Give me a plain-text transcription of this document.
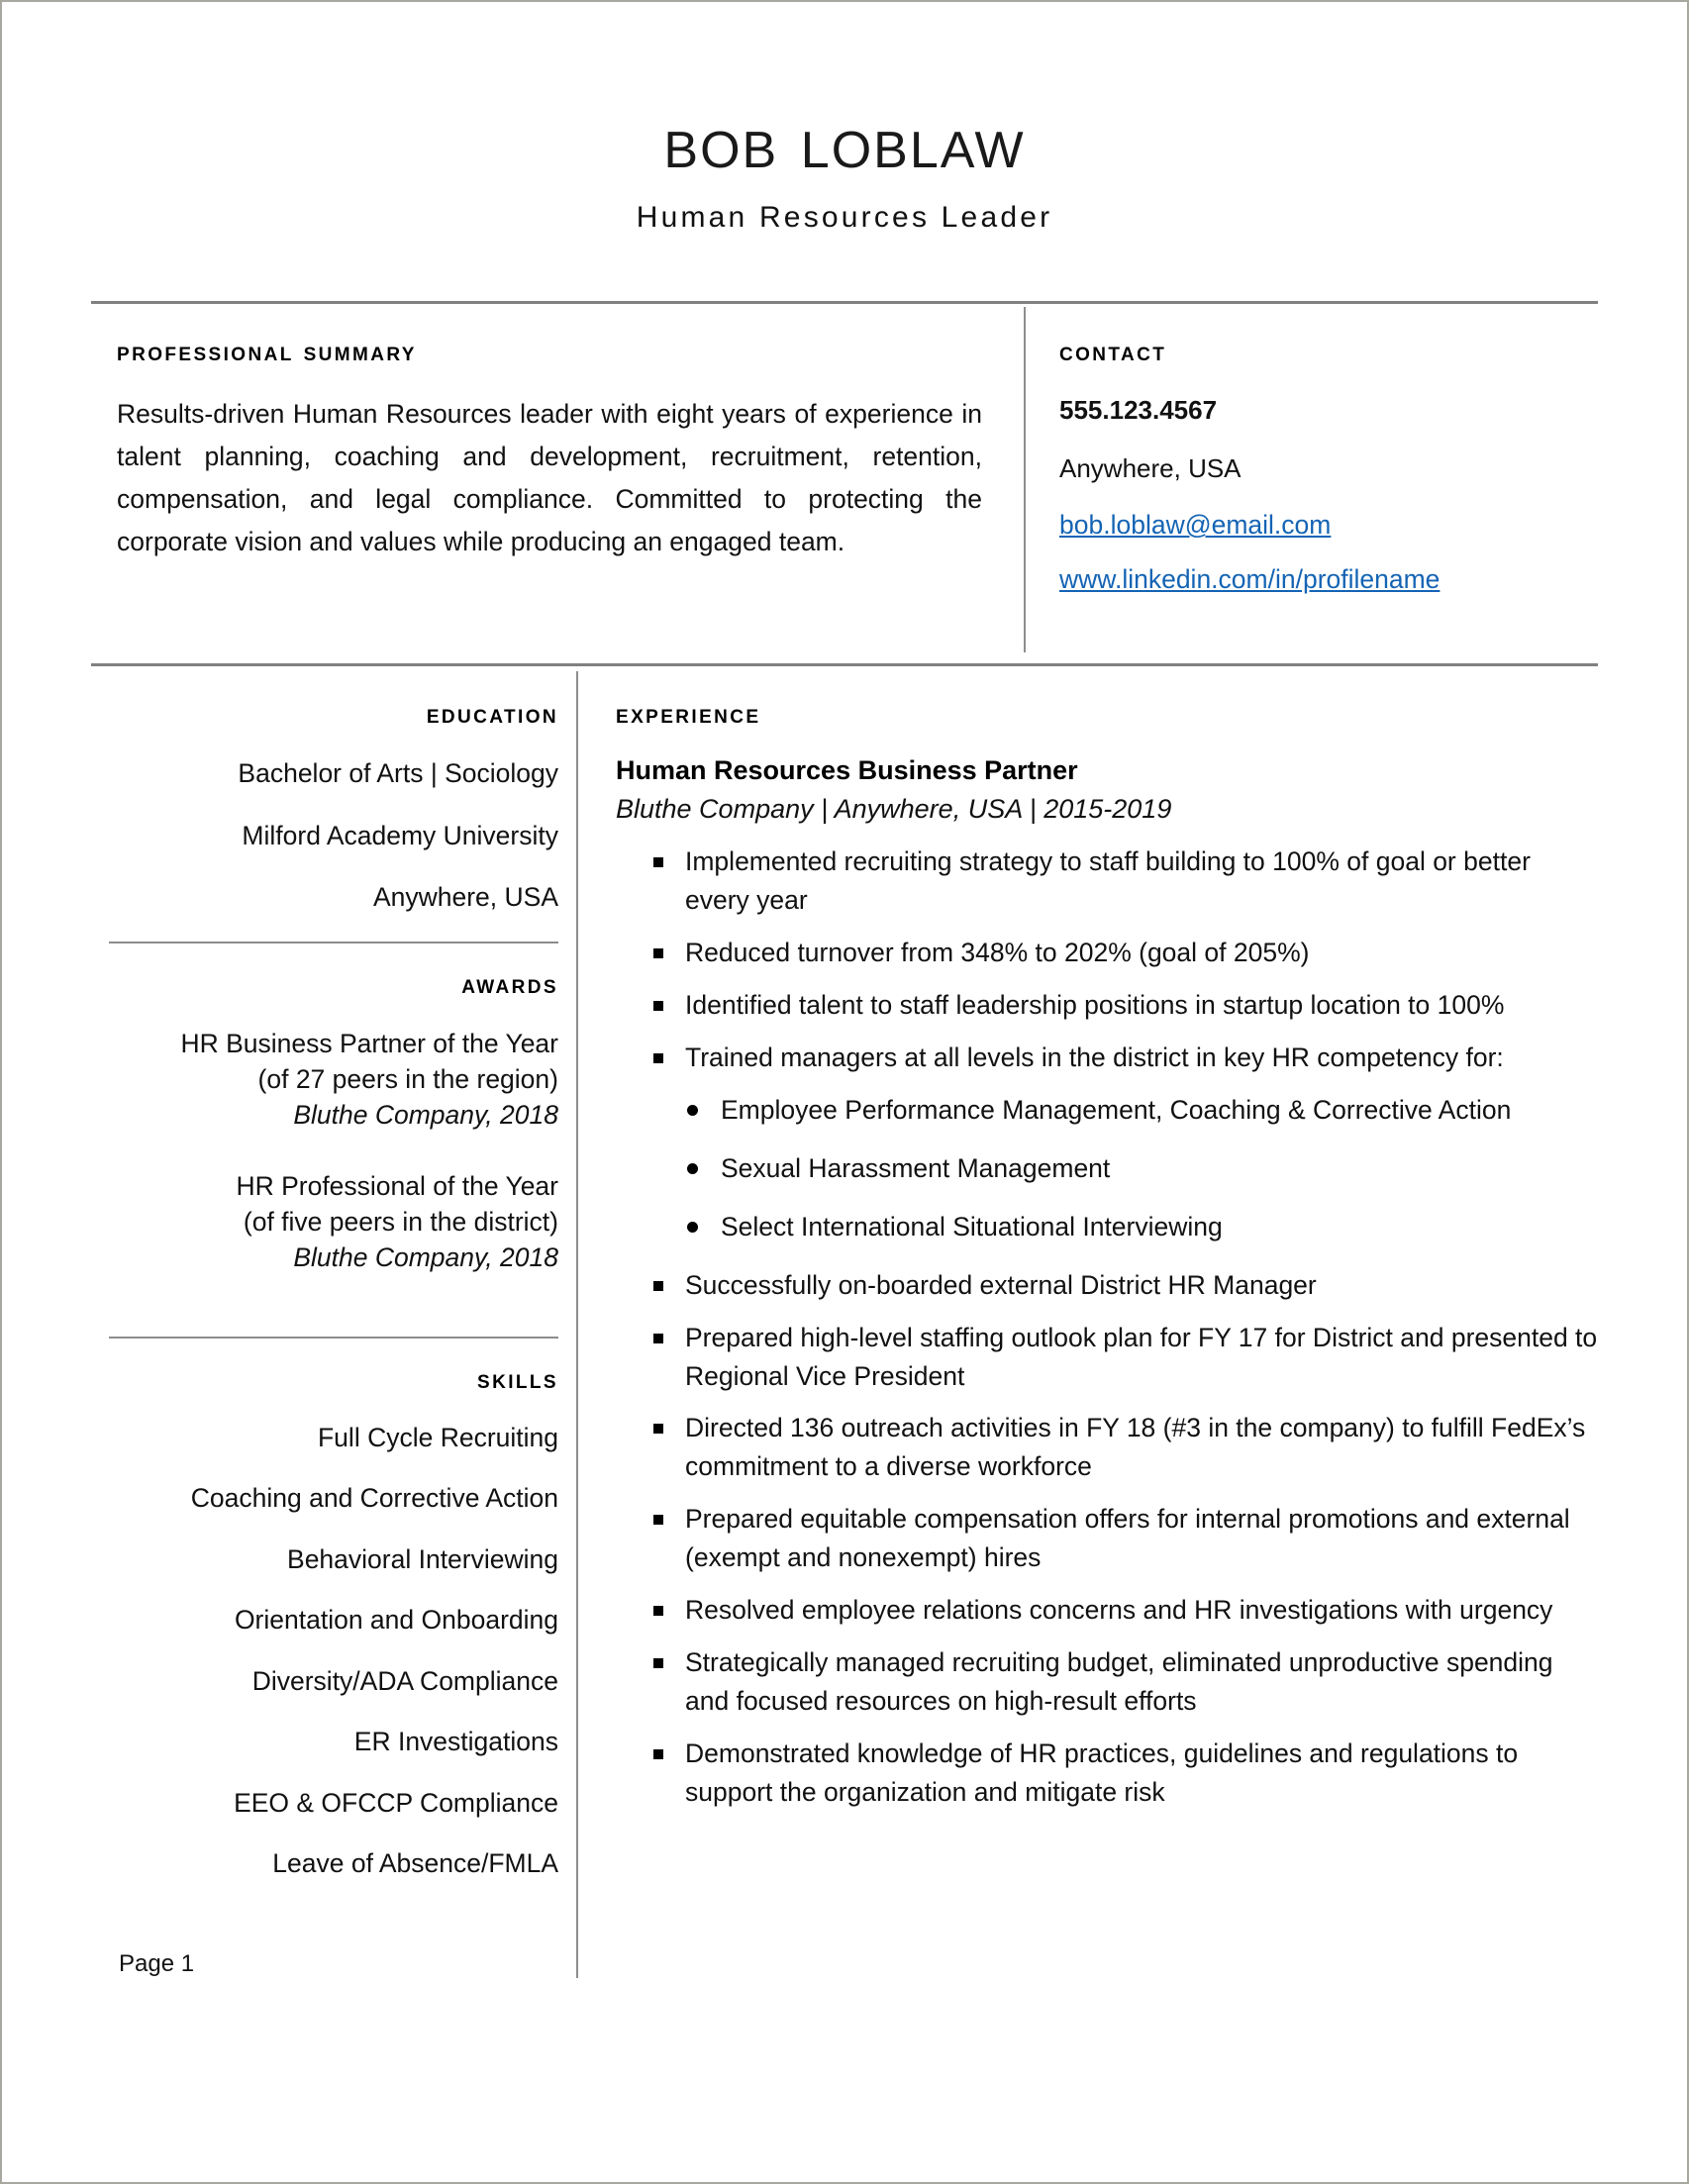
bob loblaw
Human Resources Leader
professional summary
Results-driven Human Resources leader with eight years of experience in talent planning, coaching and development, recruitment, retention, compensation, and legal compliance. Committed to protecting the corporate vision and values while producing an engaged team.
contact
555.123.4567
Anywhere, USA
bob.loblaw@email.com
www.linkedin.com/in/profilename
education
Bachelor of Arts | Sociology
Milford Academy University
Anywhere, USA
awards
HR Business Partner of the Year
(of 27 peers in the region)
Bluthe Company, 2018
HR Professional of the Year
(of five peers in the district)
Bluthe Company, 2018
skills
Full Cycle Recruiting
Coaching and Corrective Action
Behavioral Interviewing
Orientation and Onboarding
Diversity/ADA Compliance
ER Investigations
EEO & OFCCP Compliance
Leave of Absence/FMLA
Page 1
experience
Human Resources Business Partner
Bluthe Company | Anywhere, USA | 2015-2019
Implemented recruiting strategy to staff building to 100% of goal or better every year
Reduced turnover from 348% to 202% (goal of 205%)
Identified talent to staff leadership positions in startup location to 100%
Trained managers at all levels in the district in key HR competency for:
Employee Performance Management, Coaching & Corrective Action
Sexual Harassment Management
Select International Situational Interviewing
Successfully on-boarded external District HR Manager
Prepared high-level staffing outlook plan for FY 17 for District and presented to Regional Vice President
Directed 136 outreach activities in FY 18 (#3 in the company) to fulfill FedEx’s commitment to a diverse workforce
Prepared equitable compensation offers for internal promotions and external (exempt and nonexempt) hires
Resolved employee relations concerns and HR investigations with urgency
Strategically managed recruiting budget, eliminated unproductive spending and focused resources on high-result efforts
Demonstrated knowledge of HR practices, guidelines and regulations to support the organization and mitigate risk
